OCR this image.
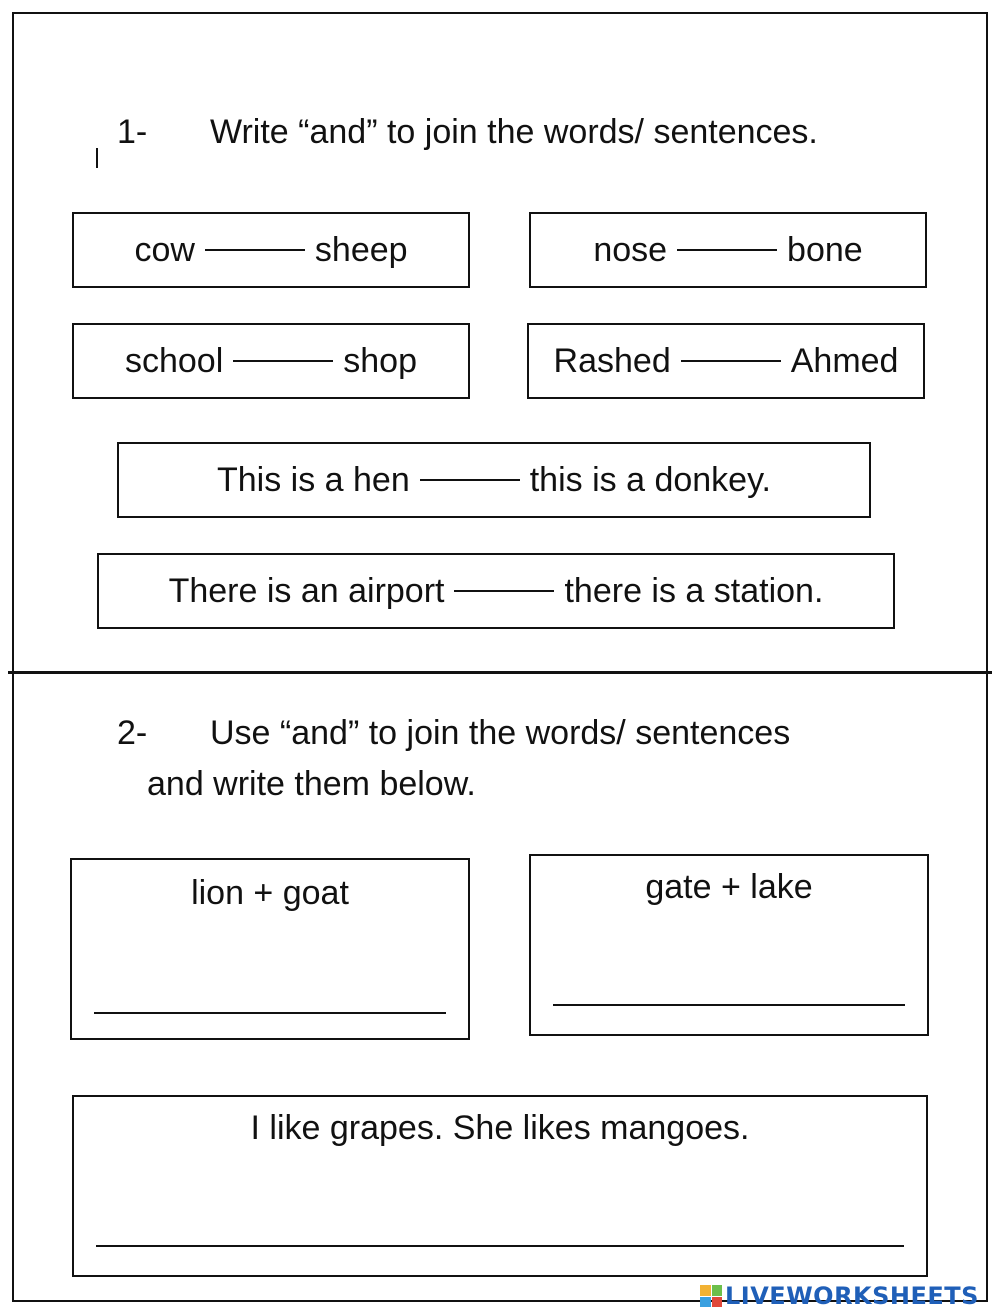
1- Write “and” to join the words/ sentences.
cow	sheep	nose	bone
school	shop	Rashed	Ahmed
This is a hen	this is a donkey.
There is an airport	there is a station.
2- Use “and” to join the words/ sentences
and write them below.
lion + goat	gate + lake
I like grapes. She likes mangoes.
LIVEWORKSHEETS
